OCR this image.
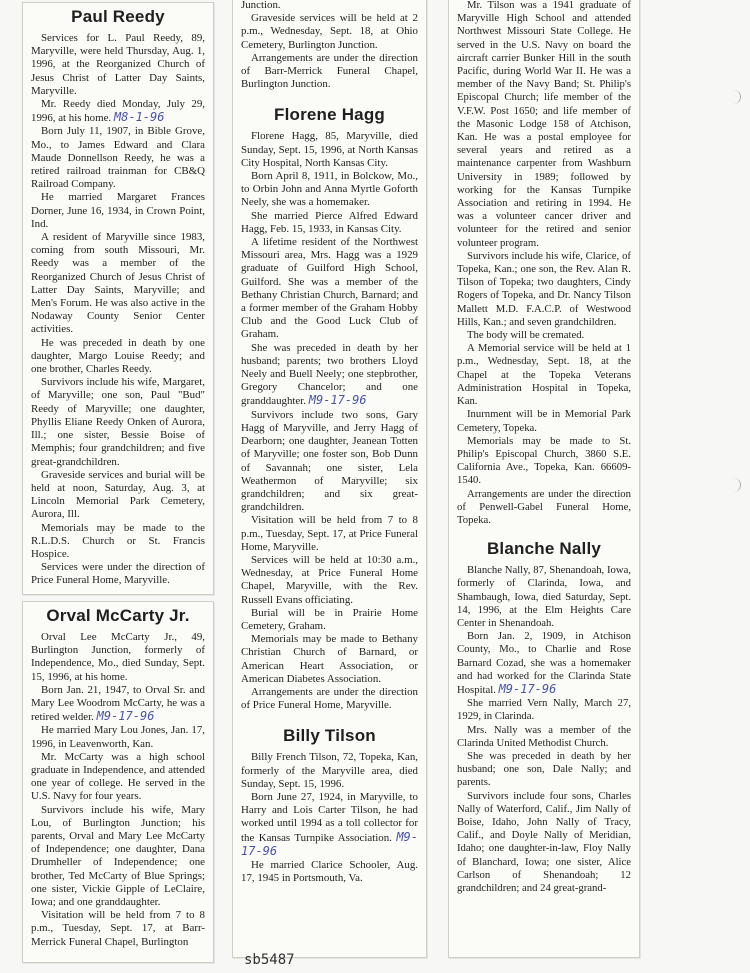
Paul Reedy

Services for L. Paul Reedy, 89, Maryville, were held Thursday, Aug. 1, 1996, at the Reorganized Church of Jesus Christ of Latter Day Saints, Maryville.

Mr. Reedy died Monday, July 29, 1996, at his home. M8-1-96

Born July 11, 1907, in Bible Grove, Mo., to James Edward and Clara Maude Donnellson Reedy, he was a retired railroad trainman for CB&Q Railroad Company.

He married Margaret Frances Dorner, June 16, 1934, in Crown Point, Ind.

A resident of Maryville since 1983, coming from south Missouri, Mr. Reedy was a member of the Reorganized Church of Jesus Christ of Latter Day Saints, Maryville; and Men's Forum. He was also active in the Nodaway County Senior Center activities.

He was preceded in death by one daughter, Margo Louise Reedy; and one brother, Charles Reedy.

Survivors include his wife, Margaret, of Maryville; one son, Paul "Bud" Reedy of Maryville; one daughter, Phyllis Eliane Reedy Onken of Aurora, Ill.; one sister, Bessie Boise of Memphis; four grandchildren; and five great-grandchildren.

Graveside services and burial will be held at noon, Saturday, Aug. 3, at Lincoln Memorial Park Cemetery, Aurora, Ill.

Memorials may be made to the R.L.D.S. Church or St. Francis Hospice.

Services were under the direction of Price Funeral Home, Maryville.

Orval McCarty Jr.

Orval Lee McCarty Jr., 49, Burlington Junction, formerly of Independence, Mo., died Sunday, Sept. 15, 1996, at his home.

Born Jan. 21, 1947, to Orval Sr. and Mary Lee Woodrom McCarty, he was a retired welder. M9-17-96

He married Mary Lou Jones, Jan. 17, 1996, in Leavenworth, Kan.

Mr. McCarty was a high school graduate in Independence, and attended one year of college. He served in the U.S. Navy for four years.

Survivors include his wife, Mary Lou, of Burlington Junction; his parents, Orval and Mary Lee McCarty of Independence; one daughter, Dana Drumheller of Independence; one brother, Ted McCarty of Blue Springs; one sister, Vickie Gipple of LeClaire, Iowa; and one granddaughter.

Visitation will be held from 7 to 8 p.m., Tuesday, Sept. 17, at Barr-Merrick Funeral Chapel, Burlington

Junction.

Graveside services will be held at 2 p.m., Wednesday, Sept. 18, at Ohio Cemetery, Burlington Junction.

Arrangements are under the direction of Barr-Merrick Funeral Chapel, Burlington Junction.

Florene Hagg

Florene Hagg, 85, Maryville, died Sunday, Sept. 15, 1996, at North Kansas City Hospital, North Kansas City.

Born April 8, 1911, in Bolckow, Mo., to Orbin John and Anna Myrtle Goforth Neely, she was a homemaker.

She married Pierce Alfred Edward Hagg, Feb. 15, 1933, in Kansas City.

A lifetime resident of the Northwest Missouri area, Mrs. Hagg was a 1929 graduate of Guilford High School, Guilford. She was a member of the Bethany Christian Church, Barnard; and a former member of the Graham Hobby Club and the Good Luck Club of Graham.

She was preceded in death by her husband; parents; two brothers Lloyd Neely and Buell Neely; one stepbrother, Gregory Chancelor; and one granddaughter. M9-17-96

Survivors include two sons, Gary Hagg of Maryville, and Jerry Hagg of Dearborn; one daughter, Jeanean Totten of Maryville; one foster son, Bob Dunn of Savannah; one sister, Lela Weathermon of Maryville; six grandchildren; and six great-grandchildren.

Visitation will be held from 7 to 8 p.m., Tuesday, Sept. 17, at Price Funeral Home, Maryville.

Services will be held at 10:30 a.m., Wednesday, at Price Funeral Home Chapel, Maryville, with the Rev. Russell Evans officiating.

Burial will be in Prairie Home Cemetery, Graham.

Memorials may be made to Bethany Christian Church of Barnard, or American Heart Association, or American Diabetes Association.

Arrangements are under the direction of Price Funeral Home, Maryville.

Billy Tilson

Billy French Tilson, 72, Topeka, Kan, formerly of the Maryville area, died Sunday, Sept. 15, 1996.

Born June 27, 1924, in Maryville, to Harry and Lois Carter Tilson, he had worked until 1994 as a toll collector for the Kansas Turnpike Association. M9-17-96

He married Clarice Schooler, Aug. 17, 1945 in Portsmouth, Va.

Mr. Tilson was a 1941 graduate of Maryville High School and attended Northwest Missouri State College. He served in the U.S. Navy on board the aircraft carrier Bunker Hill in the south Pacific, during World War II. He was a member of the Navy Band; St. Philip's Episcopal Church; life member of the V.F.W. Post 1650; and life member of the Masonic Lodge 158 of Atchison, Kan. He was a postal employee for several years and retired as a maintenance carpenter from Washburn University in 1989; followed by working for the Kansas Turnpike Association and retiring in 1994. He was a volunteer cancer driver and volunteer for the retired and senior volunteer program.

Survivors include his wife, Clarice, of Topeka, Kan.; one son, the Rev. Alan R. Tilson of Topeka; two daughters, Cindy Rogers of Topeka, and Dr. Nancy Tilson Mallett M.D. F.A.C.P. of Westwood Hills, Kan.; and seven grandchildren.

The body will be cremated.

A Memorial service will be held at 1 p.m., Wednesday, Sept. 18, at the Chapel at the Topeka Veterans Administration Hospital in Topeka, Kan.

Inurnment will be in Memorial Park Cemetery, Topeka.

Memorials may be made to St. Philip's Episcopal Church, 3860 S.E. California Ave., Topeka, Kan. 66609-1540.

Arrangements are under the direction of Penwell-Gabel Funeral Home, Topeka.

Blanche Nally

Blanche Nally, 87, Shenandoah, Iowa, formerly of Clarinda, Iowa, and Shambaugh, Iowa, died Saturday, Sept. 14, 1996, at the Elm Heights Care Center in Shenandoah.

Born Jan. 2, 1909, in Atchison County, Mo., to Charlie and Rose Barnard Cozad, she was a homemaker and had worked for the Clarinda State Hospital. M9-17-96

She married Vern Nally, March 27, 1929, in Clarinda.

Mrs. Nally was a member of the Clarinda United Methodist Church.

She was preceded in death by her husband; one son, Dale Nally; and parents.

Survivors include four sons, Charles Nally of Waterford, Calif., Jim Nally of Boise, Idaho, John Nally of Tracy, Calif., and Doyle Nally of Meridian, Idaho; one daughter-in-law, Floy Nally of Blanchard, Iowa; one sister, Alice Carlson of Shenandoah; 12 grandchildren; and 24 great-grand-

sb5487
